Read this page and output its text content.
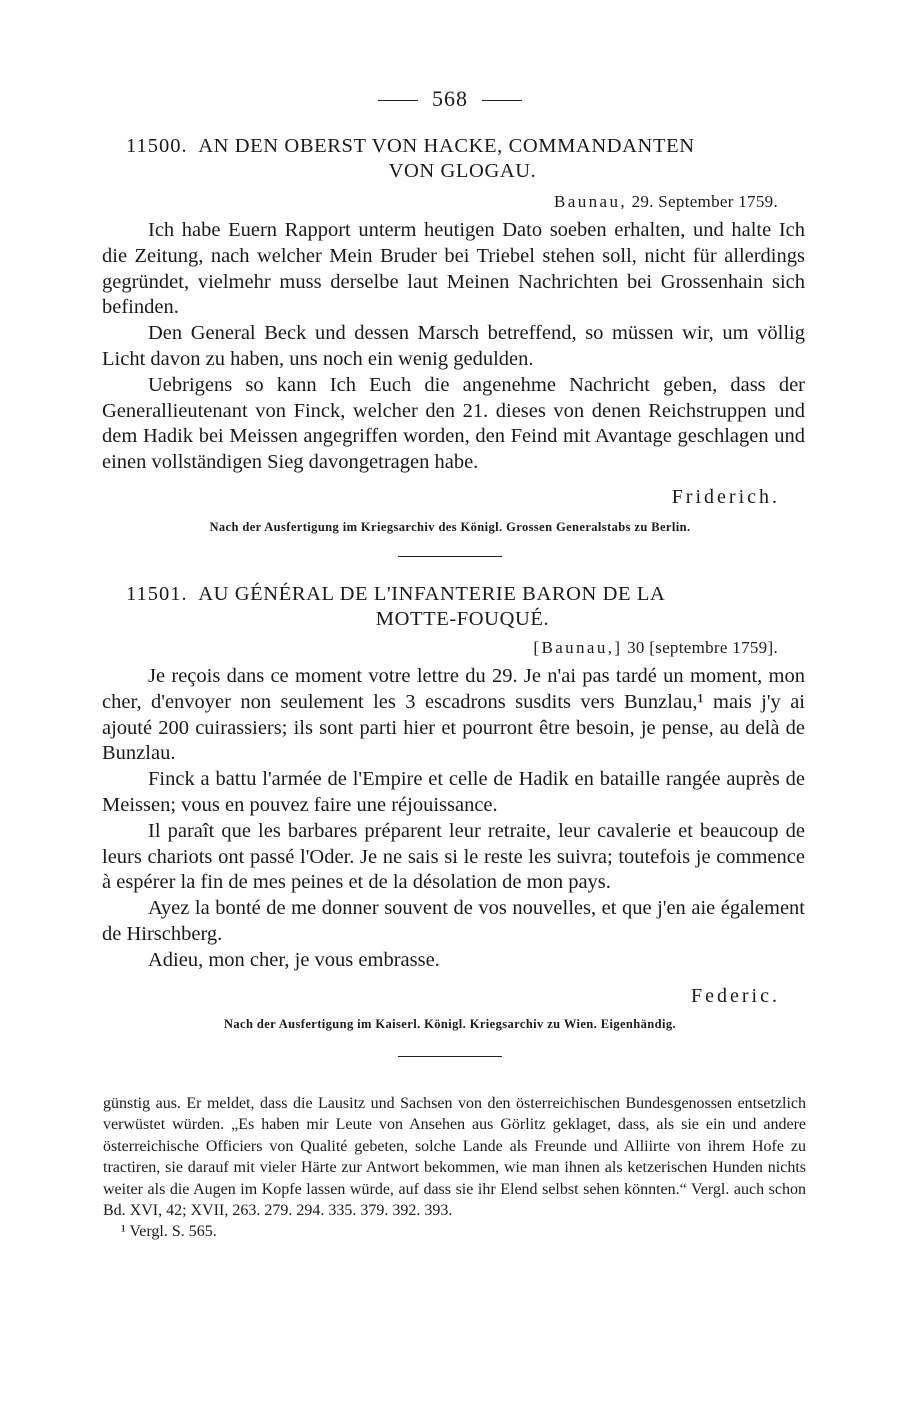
568
11500. AN DEN OBERST VON HACKE, COMMANDANTEN
VON GLOGAU.
Baunau, 29. September 1759.

Ich habe Euern Rapport unterm heutigen Dato soeben erhalten, und halte Ich die Zeitung, nach welcher Mein Bruder bei Triebel stehen soll, nicht für allerdings gegründet, vielmehr muss derselbe laut Meinen Nachrichten bei Grossenhain sich befinden.

Den General Beck und dessen Marsch betreffend, so müssen wir, um völlig Licht davon zu haben, uns noch ein wenig gedulden.

Uebrigens so kann Ich Euch die angenehme Nachricht geben, dass der Generallieutenant von Finck, welcher den 21. dieses von denen Reichstruppen und dem Hadik bei Meissen angegriffen worden, den Feind mit Avantage geschlagen und einen vollständigen Sieg davongetragen habe.

Friderich.
Nach der Ausfertigung im Kriegsarchiv des Königl. Grossen Generalstabs zu Berlin.
11501. AU GÉNÉRAL DE L'INFANTERIE BARON DE LA
MOTTE-FOUQUÉ.
[Baunau,] 30 [septembre 1759].

Je reçois dans ce moment votre lettre du 29. Je n'ai pas tardé un moment, mon cher, d'envoyer non seulement les 3 escadrons susdits vers Bunzlau,¹ mais j'y ai ajouté 200 cuirassiers; ils sont parti hier et pourront être besoin, je pense, au delà de Bunzlau.

Finck a battu l'armée de l'Empire et celle de Hadik en bataille rangée auprès de Meissen; vous en pouvez faire une réjouissance.

Il paraît que les barbares préparent leur retraite, leur cavalerie et beaucoup de leurs chariots ont passé l'Oder. Je ne sais si le reste les suivra; toutefois je commence à espérer la fin de mes peines et de la désolation de mon pays.

Ayez la bonté de me donner souvent de vos nouvelles, et que j'en aie également de Hirschberg.

Adieu, mon cher, je vous embrasse.

Federic.
Nach der Ausfertigung im Kaiserl. Königl. Kriegsarchiv zu Wien. Eigenhändig.

günstig aus. Er meldet, dass die Lausitz und Sachsen von den österreichischen Bundesgenossen entsetzlich verwüstet würden. „Es haben mir Leute von Ansehen aus Görlitz geklaget, dass, als sie ein und andere österreichische Officiers von Qualité gebeten, solche Lande als Freunde und Alliirte von ihrem Hofe zu tractiren, sie darauf mit vieler Härte zur Antwort bekommen, wie man ihnen als ketzerischen Hunden nichts weiter als die Augen im Kopfe lassen würde, auf dass sie ihr Elend selbst sehen könnten.“ Vergl. auch schon Bd. XVI, 42; XVII, 263. 279. 294. 335. 379. 392. 393.

¹ Vergl. S. 565.
